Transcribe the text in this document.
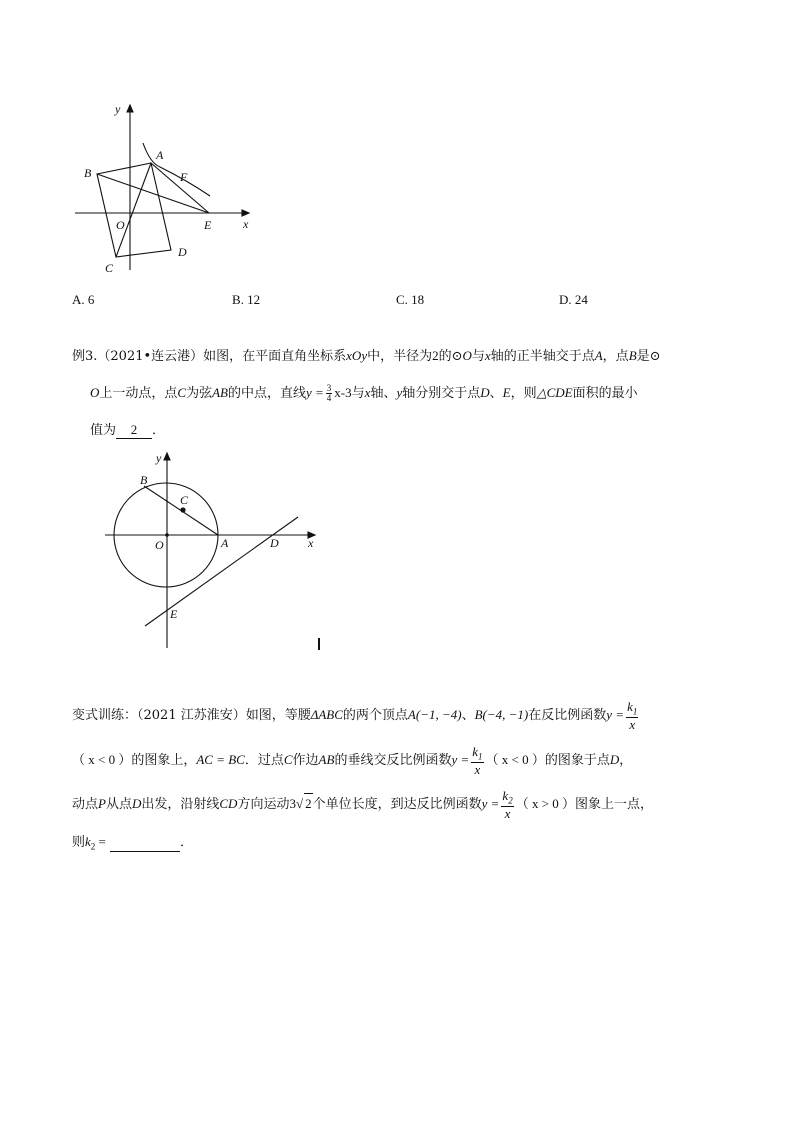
y
x
O
A
B
C
D
E
F
A. 6	B. 12	C. 18	D. 24
例3.（2021•连云港）如图，在平面直角坐标系xOy中，半径为2的⊙O与x轴的正半轴交于点A，点B是⊙
O上一动点，点C为弦AB的中点，直线$y = \frac{3}{4} x-3$与x轴、y轴分别交于点D、E，则△CDE面积的最小
值为 2 ．
y
x
O	A
B
C
D
E
变式训练：（2021 江苏淮安）如图，等腰ΔABC的两个顶点A(−1, −4)、B(−4, −1)在反比例函数$y = \frac{k_1}{x}$
（ x < 0 ）的图象上，AC = BC．过点C作边AB的垂线交反比例函数$y = \frac{k_1}{x}$ （ x < 0 ）的图象于点D，
动点P从点D出发，沿射线CD方向运动3√ 2个单位长度，到达反比例函数$y = \frac{k_2}{x}$ （ x > 0 ）图象上一点，
则$k_2$ =	．
